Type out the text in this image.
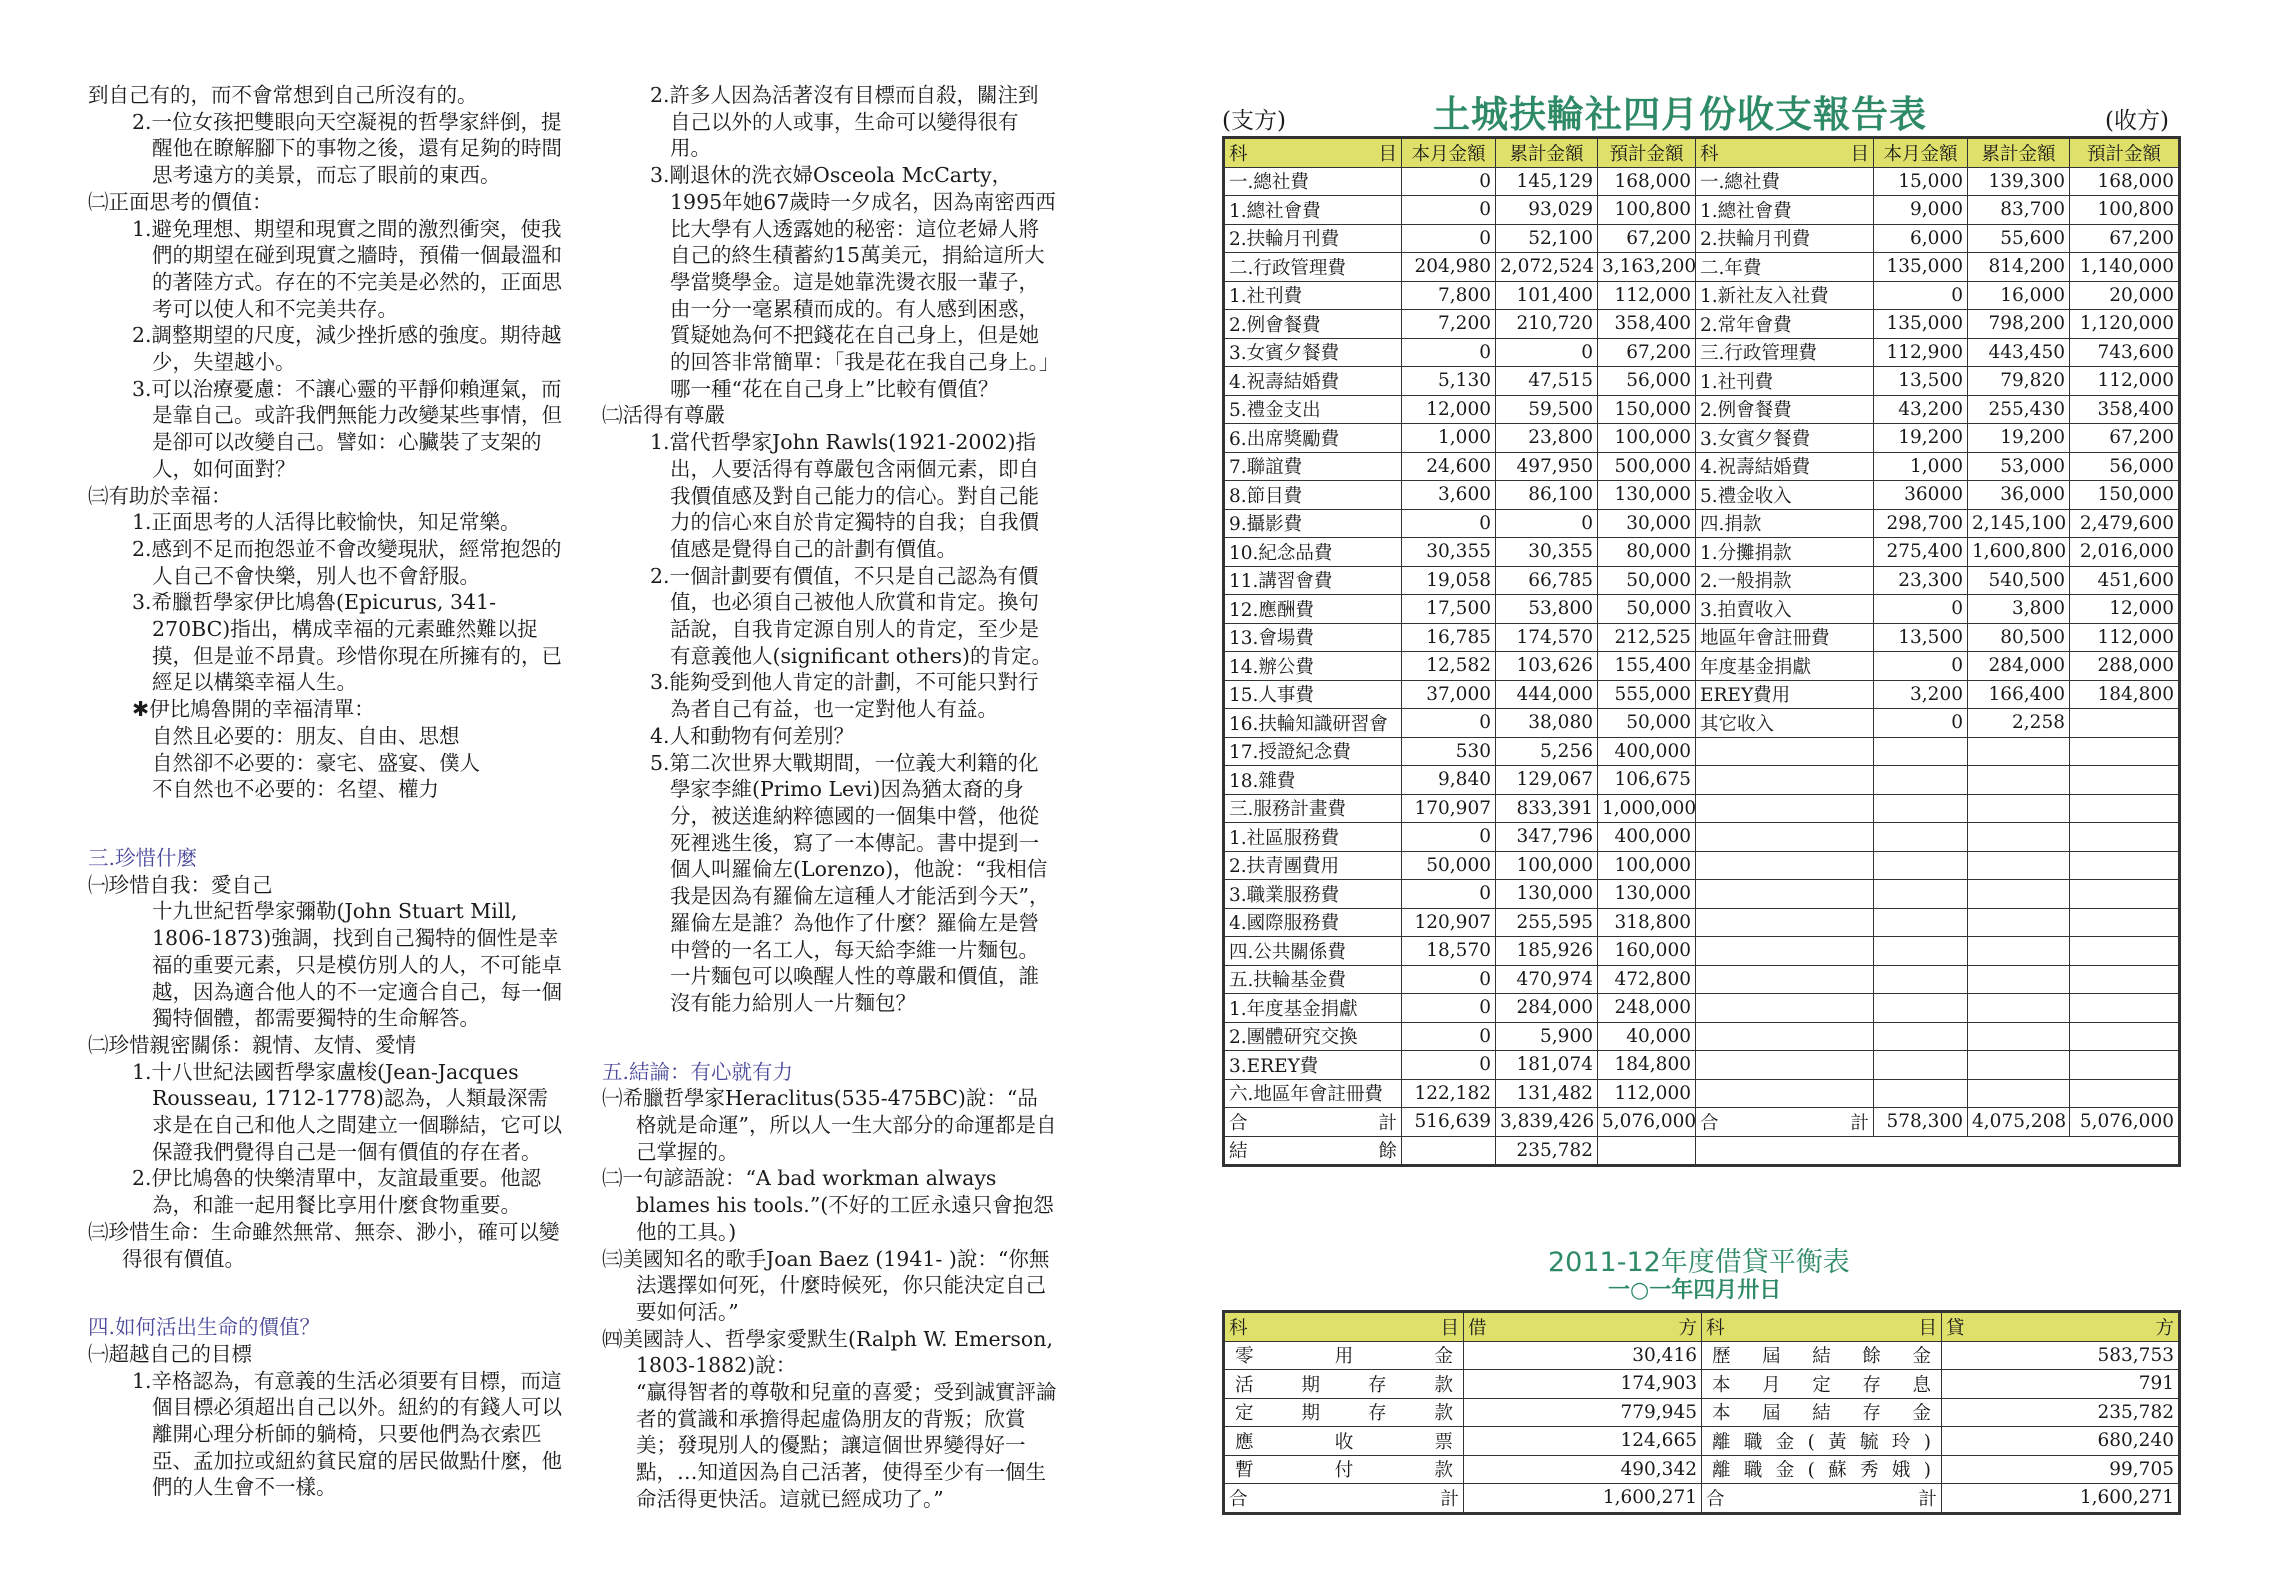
到自己有的，而不會常想到自己所沒有的。
2.一位女孩把雙眼向天空凝視的哲學家絆倒，提醒他在瞭解腳下的事物之後，還有足夠的時間思考遠方的美景，而忘了眼前的東西。
㈡正面思考的價值：
1.避免理想、期望和現實之間的激烈衝突，使我們的期望在碰到現實之牆時，預備一個最溫和的著陸方式。存在的不完美是必然的，正面思考可以使人和不完美共存。
2.調整期望的尺度，減少挫折感的強度。期待越少，失望越小。
3.可以治療憂慮：不讓心靈的平靜仰賴運氣，而是靠自己。或許我們無能力改變某些事情，但是卻可以改變自己。譬如：心臟裝了支架的人，如何面對？
㈢有助於幸福：
1.正面思考的人活得比較愉快，知足常樂。
2.感到不足而抱怨並不會改變現狀，經常抱怨的人自己不會快樂，別人也不會舒服。
3.希臘哲學家伊比鳩魯(Epicurus, 341-270BC)指出，構成幸福的元素雖然難以捉摸，但是並不昂貴。珍惜你現在所擁有的，已經足以構築幸福人生。
✱伊比鳩魯開的幸福清單：
自然且必要的：朋友、自由、思想
自然卻不必要的：豪宅、盛宴、僕人
不自然也不必要的：名望、權力
三.珍惜什麼
㈠珍惜自我：愛自己
十九世紀哲學家彌勒(John Stuart Mill, 1806-1873)強調，找到自己獨特的個性是幸福的重要元素，只是模仿別人的人，不可能卓越，因為適合他人的不一定適合自己，每一個獨特個體，都需要獨特的生命解答。
㈡珍惜親密關係：親情、友情、愛情
1.十八世紀法國哲學家盧梭(Jean-Jacques Rousseau, 1712-1778)認為，人類最深需求是在自己和他人之間建立一個聯結，它可以保證我們覺得自己是一個有價值的存在者。
2.伊比鳩魯的快樂清單中，友誼最重要。他認為，和誰一起用餐比享用什麼食物重要。
㈢珍惜生命：生命雖然無常、無奈、渺小，確可以變得很有價值。
四.如何活出生命的價值？
㈠超越自己的目標
1.辛格認為，有意義的生活必須要有目標，而這個目標必須超出自己以外。紐約的有錢人可以離開心理分析師的躺椅，只要他們為衣索匹亞、孟加拉或紐約貧民窟的居民做點什麼，他們的人生會不一樣。
2.許多人因為活著沒有目標而自殺，關注到自己以外的人或事，生命可以變得很有用。
3.剛退休的洗衣婦Osceola McCarty，1995年她67歲時一夕成名，因為南密西西比大學有人透露她的秘密：這位老婦人將自己的終生積蓄約15萬美元，捐給這所大學當獎學金。這是她靠洗燙衣服一輩子，由一分一毫累積而成的。有人感到困惑，質疑她為何不把錢花在自己身上，但是她的回答非常簡單：「我是花在我自己身上。」哪一種“花在自己身上”比較有價值？
㈡活得有尊嚴
1.當代哲學家John Rawls(1921-2002)指出，人要活得有尊嚴包含兩個元素，即自我價值感及對自己能力的信心。對自己能力的信心來自於肯定獨特的自我；自我價值感是覺得自己的計劃有價值。
2.一個計劃要有價值，不只是自己認為有價值，也必須自己被他人欣賞和肯定。換句話說，自我肯定源自別人的肯定，至少是有意義他人(significant others)的肯定。
3.能夠受到他人肯定的計劃，不可能只對行為者自己有益，也一定對他人有益。
4.人和動物有何差別？
5.第二次世界大戰期間，一位義大利籍的化學家李維(Primo Levi)因為猶太裔的身分，被送進納粹德國的一個集中營，他從死裡逃生後，寫了一本傳記。書中提到一個人叫羅倫左(Lorenzo)，他說：“我相信我是因為有羅倫左這種人才能活到今天”，羅倫左是誰？為他作了什麼？羅倫左是營中營的一名工人，每天給李維一片麵包。一片麵包可以喚醒人性的尊嚴和價值，誰沒有能力給別人一片麵包？
五.結論：有心就有力
㈠希臘哲學家Heraclitus(535-475BC)說：“品格就是命運”，所以人一生大部分的命運都是自己掌握的。
㈡一句諺語說：“A bad workman always blames his tools.”(不好的工匠永遠只會抱怨他的工具。)
㈢美國知名的歌手Joan Baez (1941- )說：“你無法選擇如何死，什麼時候死，你只能決定自己要如何活。”
㈣美國詩人、哲學家愛默生(Ralph W. Emerson, 1803-1882)說：
“贏得智者的尊敬和兒童的喜愛；受到誠實評論者的賞識和承擔得起虛偽朋友的背叛；欣賞美；發現別人的優點；讓這個世界變得好一點，…知道因為自己活著，使得至少有一個生命活得更快活。這就已經成功了。”
(支方)	土城扶輪社四月份收支報告表	(收方)
科 目	本月金額	累計金額	預計金額	科 目	本月金額	累計金額	預計金額
一.總社費	0	145,129	168,000	一.總社費	15,000	139,300	168,000
1.總社會費	0	93,029	100,800	1.總社會費	9,000	83,700	100,800
2.扶輪月刊費	0	52,100	67,200	2.扶輪月刊費	6,000	55,600	67,200
二.行政管理費	204,980	2,072,524	3,163,200	二.年費	135,000	814,200	1,140,000
1.社刊費	7,800	101,400	112,000	1.新社友入社費	0	16,000	20,000
2.例會餐費	7,200	210,720	358,400	2.常年會費	135,000	798,200	1,120,000
3.女賓夕餐費	0	0	67,200	三.行政管理費	112,900	443,450	743,600
4.祝壽結婚費	5,130	47,515	56,000	1.社刊費	13,500	79,820	112,000
5.禮金支出	12,000	59,500	150,000	2.例會餐費	43,200	255,430	358,400
6.出席獎勵費	1,000	23,800	100,000	3.女賓夕餐費	19,200	19,200	67,200
7.聯誼費	24,600	497,950	500,000	4.祝壽結婚費	1,000	53,000	56,000
8.節目費	3,600	86,100	130,000	5.禮金收入	36000	36,000	150,000
9.攝影費	0	0	30,000	四.捐款	298,700	2,145,100	2,479,600
10.紀念品費	30,355	30,355	80,000	1.分攤捐款	275,400	1,600,800	2,016,000
11.講習會費	19,058	66,785	50,000	2.一般捐款	23,300	540,500	451,600
12.應酬費	17,500	53,800	50,000	3.拍賣收入	0	3,800	12,000
13.會場費	16,785	174,570	212,525	地區年會註冊費	13,500	80,500	112,000
14.辦公費	12,582	103,626	155,400	年度基金捐獻	0	284,000	288,000
15.人事費	37,000	444,000	555,000	EREY費用	3,200	166,400	184,800
16.扶輪知識研習會	0	38,080	50,000	其它收入	0	2,258	
17.授證紀念費	530	5,256	400,000				
18.雜費	9,840	129,067	106,675				
三.服務計畫費	170,907	833,391	1,000,000				
1.社區服務費	0	347,796	400,000				
2.扶青團費用	50,000	100,000	100,000				
3.職業服務費	0	130,000	130,000				
4.國際服務費	120,907	255,595	318,800				
四.公共關係費	18,570	185,926	160,000				
五.扶輪基金費	0	470,974	472,800				
1.年度基金捐獻	0	284,000	248,000				
2.團體研究交換	0	5,900	40,000				
3.EREY費	0	181,074	184,800				
六.地區年會註冊費	122,182	131,482	112,000				

合 計	516,639	3,839,426	5,076,000	合 計	578,300	4,075,208	5,076,000

結 餘		235,782					
2011-12年度借貸平衡表
一○一年四月卅日
科 目	借 方	科 目	貸 方

零　用　金	30,416	歷屆結餘金	583,753
活期存款	174,903	本月定存息	791
定期存款	779,945	本屆結存金	235,782
應收票	124,665	離職金(黃毓玲)	680,240
暫付款	490,342	離職金(蘇秀娥)	99,705

合 計	1,600,271	合 計	1,600,271
